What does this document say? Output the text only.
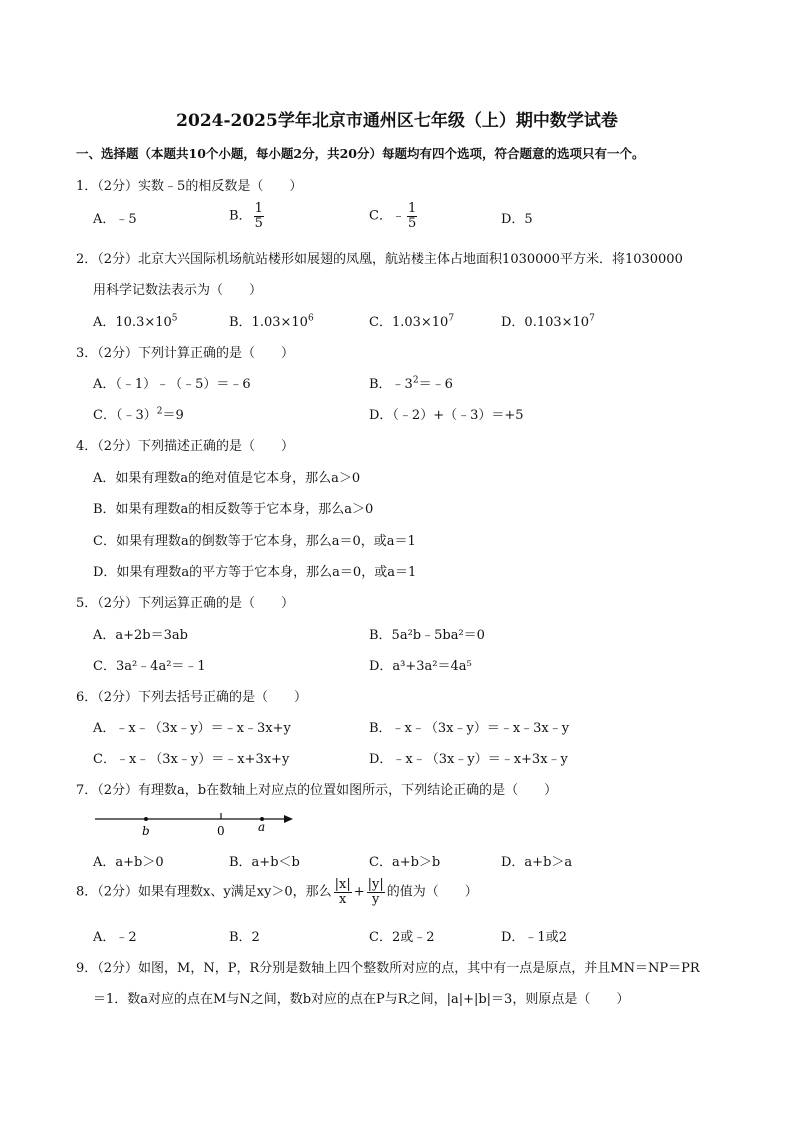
2024-2025学年北京市通州区七年级（上）期中数学试卷
一、选择题（本题共10个小题，每小题2分，共20分）每题均有四个选项，符合题意的选项只有一个。
1．（2分）实数﹣5的相反数是（　　）
A．﹣5	B． $\frac{1}{5}$	C．﹣ $\frac{1}{5}$	D．5
2．（2分）北京大兴国际机场航站楼形如展翅的凤凰，航站楼主体占地面积1030000平方米．将1030000
用科学记数法表示为（　　）
A．$10.3\times 10^5$	B．$1.03\times 10^6$	C．$1.03\times 10^7$	D．$0.103\times 10^7$
3．（2分）下列计算正确的是（　　）
A．（﹣1）﹣（﹣5）＝﹣6	B．$﹣3^2=﹣6$
C．（﹣3）$^2$＝9	D．（﹣2）+（﹣3）＝+5
4．（2分）下列描述正确的是（　　）
A．如果有理数a的绝对值是它本身，那么a＞0
B．如果有理数a的相反数等于它本身，那么a＞0
C．如果有理数a的倒数等于它本身，那么a＝0，或a＝1
D．如果有理数a的平方等于它本身，那么a＝0，或a＝1
5．（2分）下列运算正确的是（　　）
A．a+2b＝3ab	B．5a²b﹣5ba²＝0
C．3a²﹣4a²＝﹣1	D．a³+3a²＝4a⁵
6．（2分）下列去括号正确的是（　　）
A．﹣x﹣（3x﹣y）＝﹣x﹣3x+y	B．﹣x﹣（3x﹣y）＝﹣x﹣3x﹣y
C．﹣x﹣（3x﹣y）＝﹣x+3x+y	D．﹣x﹣（3x﹣y）＝﹣x+3x﹣y
7．（2分）有理数a，b在数轴上对应点的位置如图所示，下列结论正确的是（　　）
b	0	a
A．a+b＞0	B．a+b＜b	C．a+b＞b	D．a+b＞a
8．（2分）如果有理数x、y满足xy＞0，那么 $\frac{|x|}{x} + \frac{|y|}{y}$ 的值为（　　）
A．﹣2	B．2	C．2或﹣2	D．﹣1或2
9．（2分）如图，M，N，P，R分别是数轴上四个整数所对应的点，其中有一点是原点，并且MN＝NP＝PR
＝1．数a对应的点在M与N之间，数b对应的点在P与R之间，|a|+|b|＝3，则原点是（　　）
